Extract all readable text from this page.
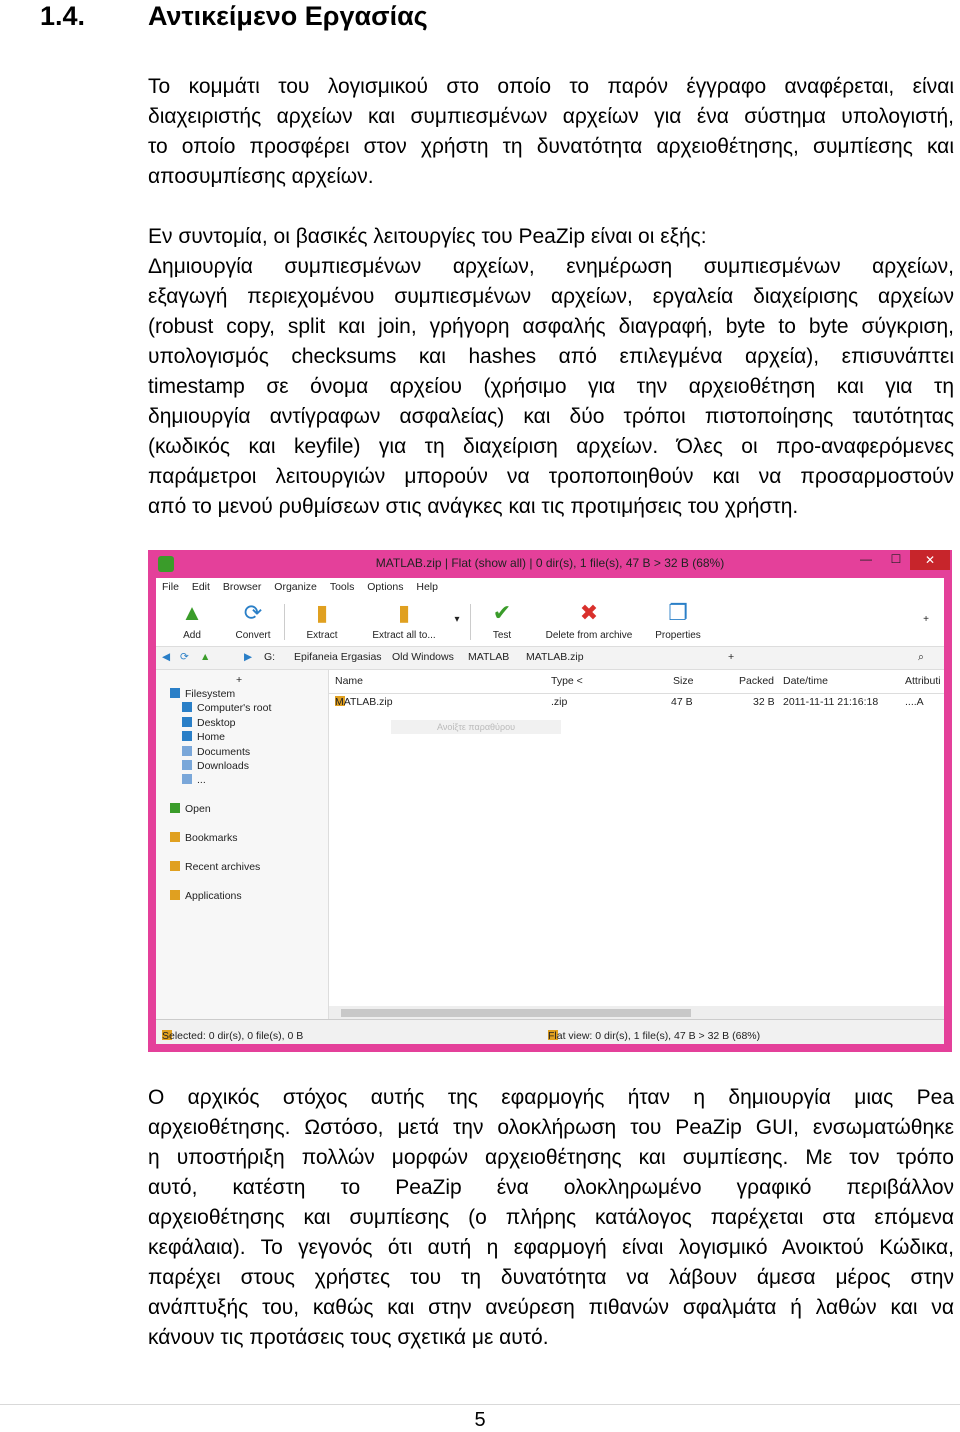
1.4. Αντικείμενο Εργασίας
Το κομμάτι του λογισμικού στο οποίο το παρόν έγγραφο αναφέρεται, είναι
διαχειριστής αρχείων και συμπιεσμένων αρχείων για ένα σύστημα υπολογιστή,
το οποίο προσφέρει στον χρήστη τη δυνατότητα αρχειοθέτησης, συμπίεσης και
αποσυμπίεσης αρχείων.
Εν συντομία, οι βασικές λειτουργίες του PeaZip είναι οι εξής:
Δημιουργία συμπιεσμένων αρχείων, ενημέρωση συμπιεσμένων αρχείων,
εξαγωγή περιεχομένου συμπιεσμένων αρχείων, εργαλεία διαχείρισης αρχείων
(robust copy, split και join, γρήγορη ασφαλής διαγραφή, byte to byte σύγκριση,
υπολογισμός checksums και hashes από επιλεγμένα αρχεία), επισυνάπτει
timestamp σε όνομα αρχείου (χρήσιμο για την αρχειοθέτηση και για τη
δημιουργία αντίγραφων ασφαλείας) και δύο τρόποι πιστοποίησης ταυτότητας
(κωδικός και keyfile) για τη διαχείριση αρχείων. Όλες οι προ-αναφερόμενες
παράμετροι λειτουργιών μπορούν να τροποποιηθούν και να προσαρμοστούν
από το μενού ρυθμίσεων στις ανάγκες και τις προτιμήσεις του χρήστη.
MATLAB.zip | Flat (show all) | 0 dir(s), 1 file(s), 47 B > 32 B (68%)	—	☐	✕
File Edit Browser Organize Tools Options Help
▲
Add
⟳
Convert
▮
Extract
▮
Extract all to...
▾ ✔
Test
✖
Delete from archive
❐
Properties
+
◀ ⟳ ▲	▶ G: Epifaneia Ergasias Old Windows MATLAB MATLAB.zip	+	⌕
+
Filesystem
Computer's root
Desktop
Home
Documents
Downloads
...
Open
Bookmarks
Recent archives
Applications
Name	Type <	Size	Packed Date/time	Attributi
MATLAB.zip	.zip	47 B	32 B 2011-11-11 21:16:18	....A
Ανοίξτε παραθύρου
Selected: 0 dir(s), 0 file(s), 0 B	Flat view: 0 dir(s), 1 file(s), 47 B > 32 B (68%)
Ο αρχικός στόχος αυτής της εφαρμογής ήταν η δημιουργία μιας Pea
αρχειοθέτησης. Ωστόσο, μετά την ολοκλήρωση του PeaZip GUI, ενσωματώθηκε
η υποστήριξη πολλών μορφών αρχειοθέτησης και συμπίεσης. Με τον τρόπο
αυτό, κατέστη το PeaZip ένα ολοκληρωμένο γραφικό περιβάλλον
αρχειοθέτησης και συμπίεσης (ο πλήρης κατάλογος παρέχεται στα επόμενα
κεφάλαια). Το γεγονός ότι αυτή η εφαρμογή είναι λογισμικό Ανοικτού Κώδικα,
παρέχει στους χρήστες του τη δυνατότητα να λάβουν άμεσα μέρος στην
ανάπτυξής του, καθώς και στην ανεύρεση πιθανών σφαλμάτα ή λαθών και να
κάνουν τις προτάσεις τους σχετικά με αυτό.
5
